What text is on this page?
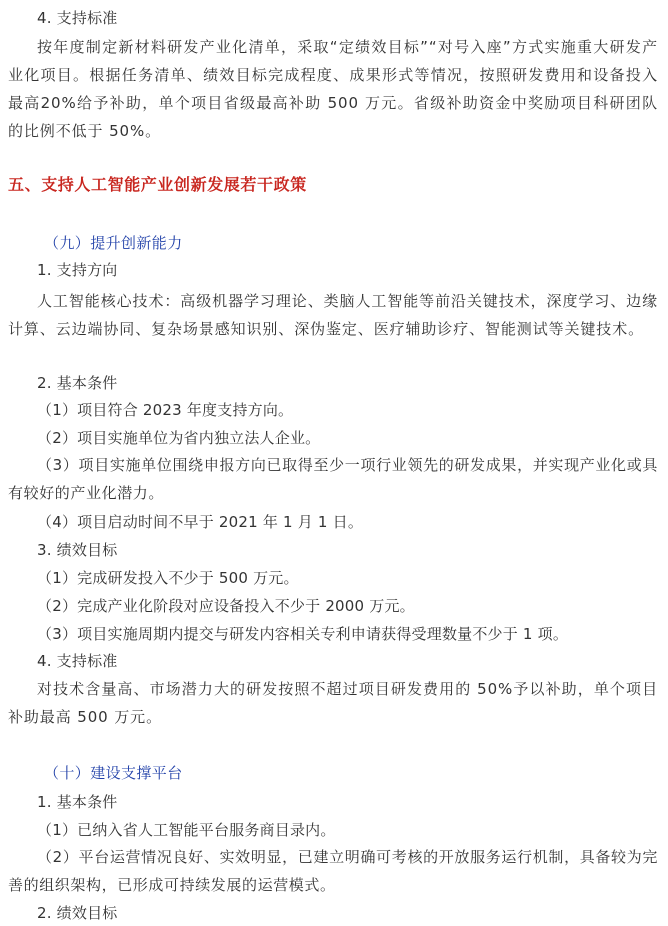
4. 支持标准
按年度制定新材料研发产业化清单，采取“定绩效目标”“对号入座”方式实施重大研发产业化项目。根据任务清单、绩效目标完成程度、成果形式等情况，按照研发费用和设备投入最高20%给予补助，单个项目省级最高补助 500 万元。省级补助资金中奖励项目科研团队的比例不低于 50%。
五、支持人工智能产业创新发展若干政策
（九）提升创新能力
1. 支持方向
人工智能核心技术：高级机器学习理论、类脑人工智能等前沿关键技术，深度学习、边缘计算、云边端协同、复杂场景感知识别、深伪鉴定、医疗辅助诊疗、智能测试等关键技术。
2. 基本条件
（1）项目符合 2023 年度支持方向。
（2）项目实施单位为省内独立法人企业。
（3）项目实施单位围绕申报方向已取得至少一项行业领先的研发成果，并实现产业化或具有较好的产业化潜力。
（4）项目启动时间不早于 2021 年 1 月 1 日。
3. 绩效目标
（1）完成研发投入不少于 500 万元。
（2）完成产业化阶段对应设备投入不少于 2000 万元。
（3）项目实施周期内提交与研发内容相关专利申请获得受理数量不少于 1 项。
4. 支持标准
对技术含量高、市场潜力大的研发按照不超过项目研发费用的 50%予以补助，单个项目补助最高 500 万元。
（十）建设支撑平台
1. 基本条件
（1）已纳入省人工智能平台服务商目录内。
（2）平台运营情况良好、实效明显，已建立明确可考核的开放服务运行机制，具备较为完善的组织架构，已形成可持续发展的运营模式。
2. 绩效目标
